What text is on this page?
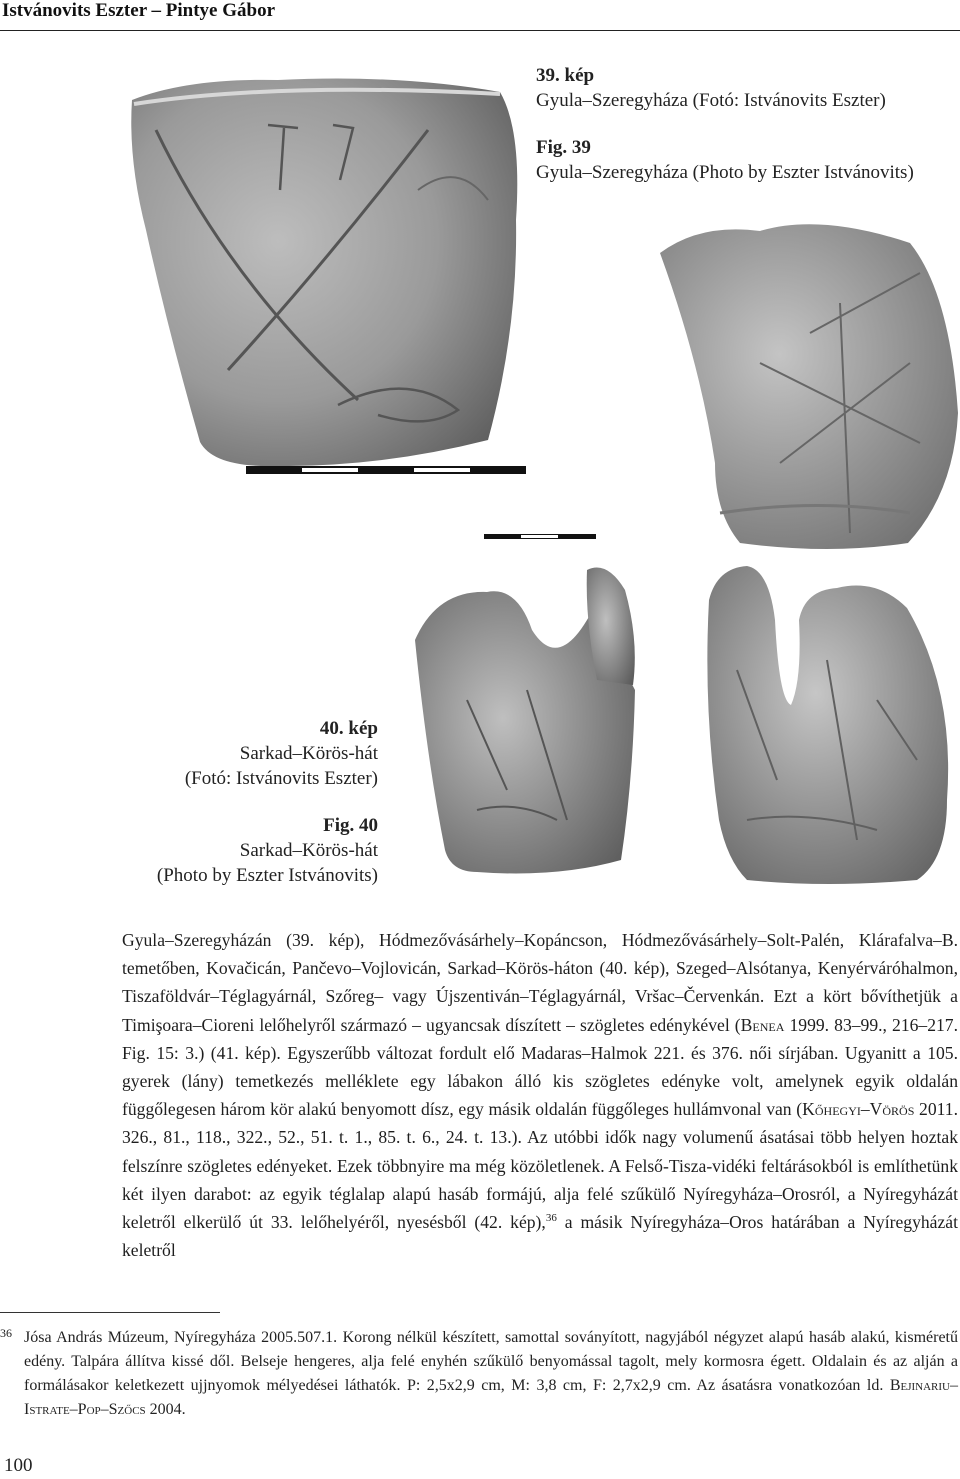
Istvánovits Eszter – Pintye Gábor
39. kép
Gyula–Szeregyháza (Fotó: Istvánovits Eszter)
Fig. 39
Gyula–Szeregyháza (Photo by Eszter Istvánovits)
40. kép
Sarkad–Körös-hát
(Fotó: Istvánovits Eszter)
Fig. 40
Sarkad–Körös-hát
(Photo by Eszter Istvánovits)

Gyula–Szeregyházán (39. kép), Hódmezővásárhely–Kopáncson, Hódmezővásárhely–Solt-Palén, Klárafalva–B. temetőben, Kovačicán, Pančevo–Vojlovicán, Sarkad–Körös-háton (40. kép), Szeged–Alsótanya, Kenyérváróhalmon, Tiszaföldvár–Téglagyárnál, Szőreg– vagy Újszentiván–Téglagyárnál, Vršac–Červenkán. Ezt a kört bővíthetjük a Timişoara–Cioreni lelőhelyről származó – ugyancsak díszített – szögletes edénykével (Benea 1999. 83–99., 216–217. Fig. 15: 3.) (41. kép). Egyszerűbb változat fordult elő Madaras–Halmok 221. és 376. női sírjában. Ugyanitt a 105. gyerek (lány) temetkezés melléklete egy lábakon álló kis szögletes edényke volt, amelynek egyik oldalán függőlegesen három kör alakú benyomott dísz, egy másik oldalán függőleges hullámvonal van (Kőhegyi–Vörös 2011. 326., 81., 118., 322., 52., 51. t. 1., 85. t. 6., 24. t. 13.). Az utóbbi idők nagy volumenű ásatásai több helyen hoztak felszínre szögletes edényeket. Ezek többnyire ma még közöletlenek. A Felső-Tisza-vidéki feltárásokból is említhetünk két ilyen darabot: az egyik téglalap alapú hasáb formájú, alja felé szűkülő Nyíregyháza–Orosról, a Nyíregyházát keletről elkerülő út 33. lelőhelyéről, nyesésből (42. kép),$^{36}$ a másik Nyíregyháza–Oros határában a Nyíregyházát keletről

36 Jósa András Múzeum, Nyíregyháza 2005.507.1. Korong nélkül készített, samottal soványított, nagyjából négyzet alapú hasáb alakú, kisméretű edény. Talpára állítva kissé dől. Belseje hengeres, alja felé enyhén szűkülő benyomással tagolt, mely kormosra égett. Oldalain és az alján a formálásakor keletkezett ujjnyomok mélyedései láthatók. P: 2,5x2,9 cm, M: 3,8 cm, F: 2,7x2,9 cm. Az ásatásra vonatkozóan ld. Bejinariu–Istrate–Pop–Szőcs 2004.
100
